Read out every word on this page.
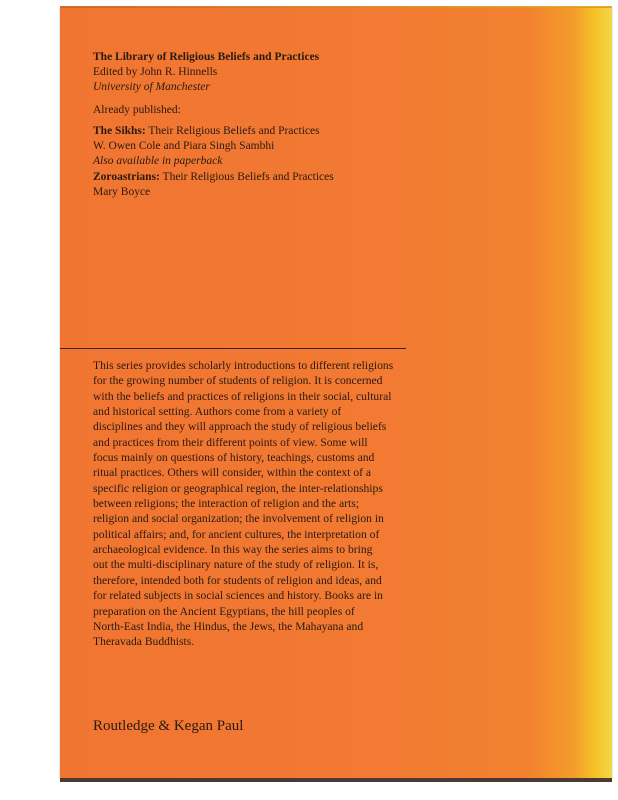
The Library of Religious Beliefs and Practices
Edited by John R. Hinnells
University of Manchester
Already published:
The Sikhs: Their Religious Beliefs and Practices
W. Owen Cole and Piara Singh Sambhi
Also available in paperback
Zoroastrians: Their Religious Beliefs and Practices
Mary Boyce
This series provides scholarly introductions to different religions
for the growing number of students of religion. It is concerned
with the beliefs and practices of religions in their social, cultural
and historical setting. Authors come from a variety of
disciplines and they will approach the study of religious beliefs
and practices from their different points of view. Some will
focus mainly on questions of history, teachings, customs and
ritual practices. Others will consider, within the context of a
specific religion or geographical region, the inter-relationships
between religions; the interaction of religion and the arts;
religion and social organization; the involvement of religion in
political affairs; and, for ancient cultures, the interpretation of
archaeological evidence. In this way the series aims to bring
out the multi-disciplinary nature of the study of religion. It is,
therefore, intended both for students of religion and ideas, and
for related subjects in social sciences and history. Books are in
preparation on the Ancient Egyptians, the hill peoples of
North-East India, the Hindus, the Jews, the Mahayana and
Theravada Buddhists.
Routledge & Kegan Paul
